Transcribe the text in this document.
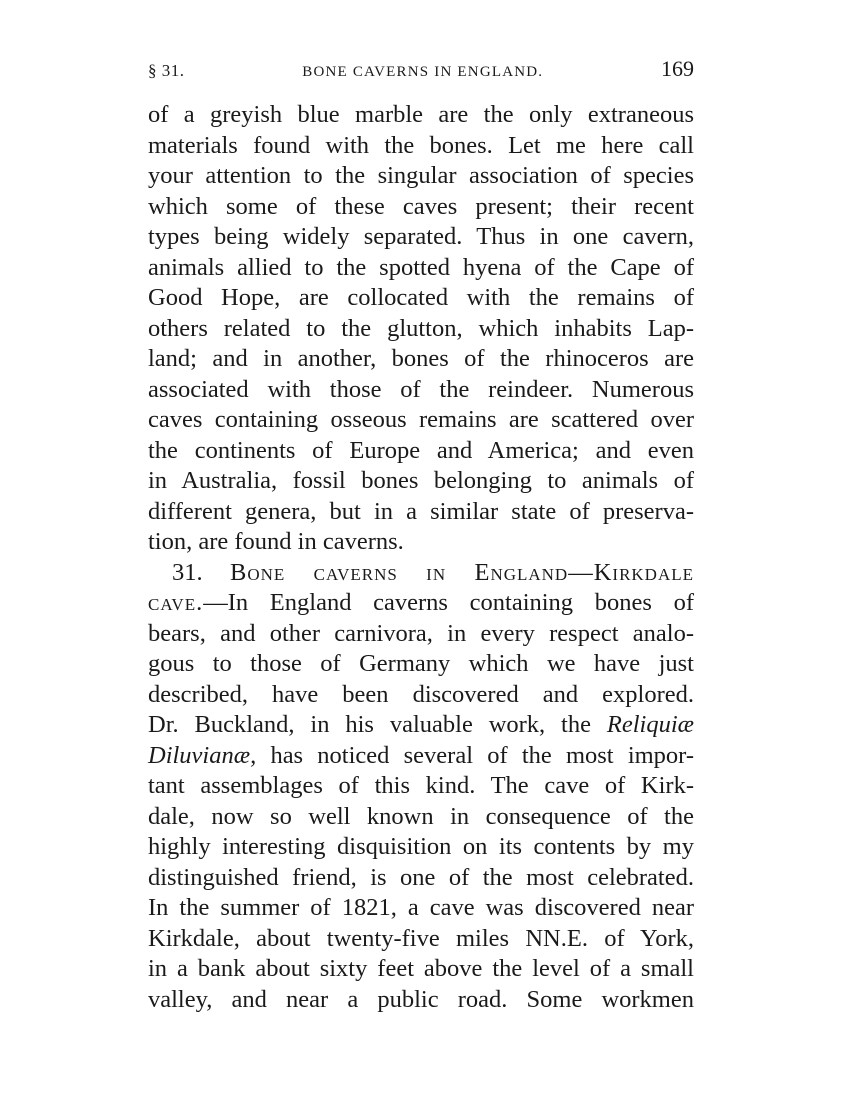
§ 31.	BONE CAVERNS IN ENGLAND.	169
of a greyish blue marble are the only extraneous
materials found with the bones. Let me here call
your attention to the singular association of species
which some of these caves present; their recent
types being widely separated. Thus in one cavern,
animals allied to the spotted hyena of the Cape of
Good Hope, are collocated with the remains of
others related to the glutton, which inhabits Lap-
land; and in another, bones of the rhinoceros are
associated with those of the reindeer. Numerous
caves containing osseous remains are scattered over
the continents of Europe and America; and even
in Australia, fossil bones belonging to animals of
different genera, but in a similar state of preserva-
tion, are found in caverns.
31. Bone caverns in England—Kirkdale
cave.—In England caverns containing bones of
bears, and other carnivora, in every respect analo-
gous to those of Germany which we have just
described, have been discovered and explored.
Dr. Buckland, in his valuable work, the Reliquiæ
Diluvianæ, has noticed several of the most impor-
tant assemblages of this kind. The cave of Kirk-
dale, now so well known in consequence of the
highly interesting disquisition on its contents by my
distinguished friend, is one of the most celebrated.
In the summer of 1821, a cave was discovered near
Kirkdale, about twenty-five miles NN.E. of York,
in a bank about sixty feet above the level of a small
valley, and near a public road. Some workmen
